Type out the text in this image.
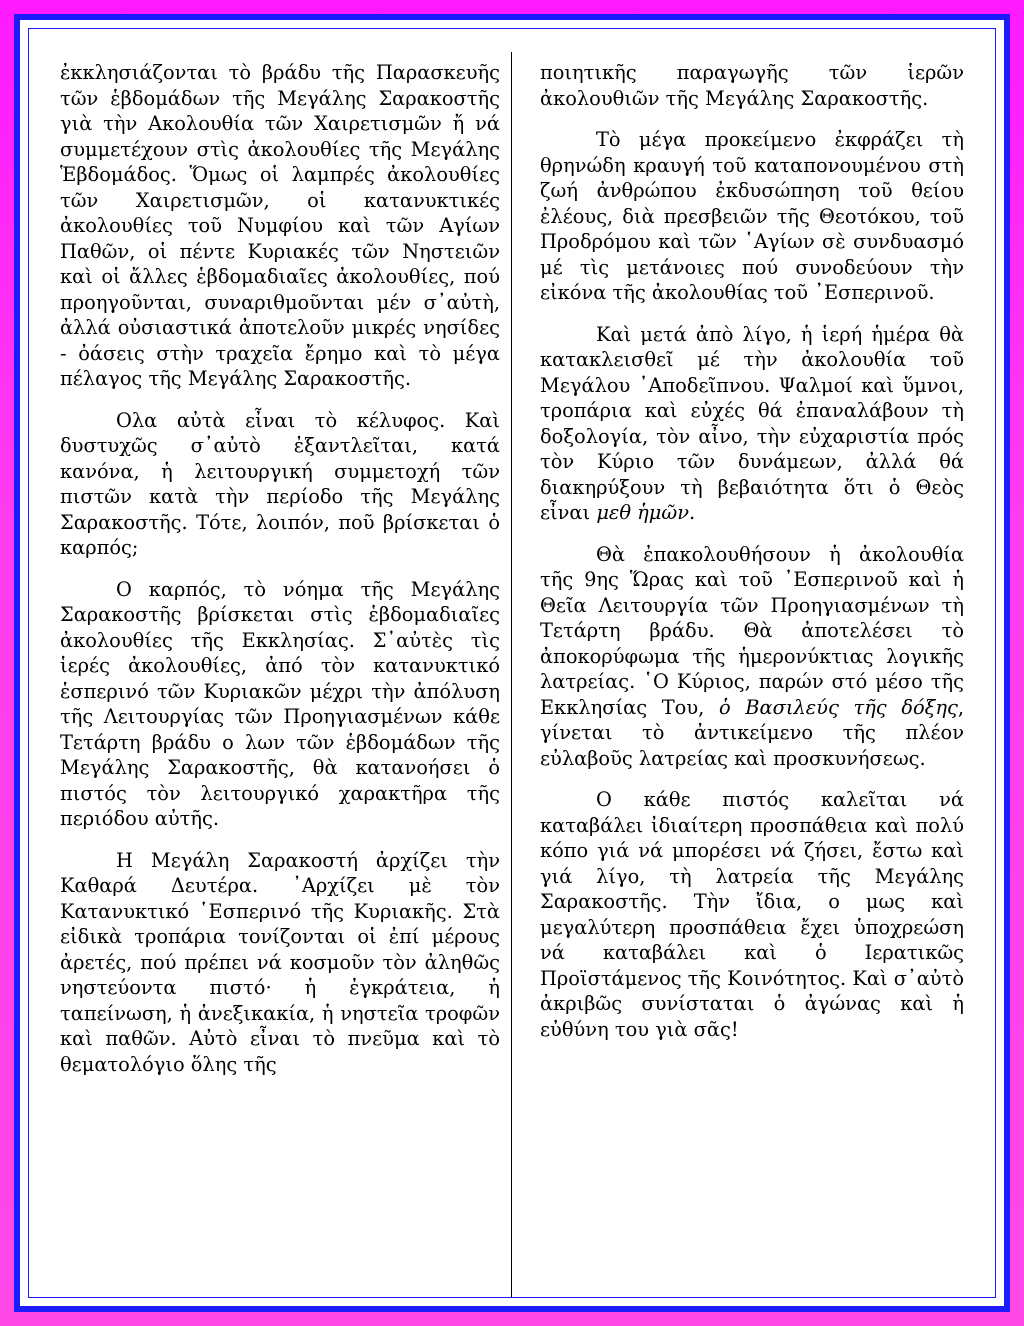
ἐκκλησιάζονται τὸ βράδυ τῆς Παρασκευῆς τῶν ἑβδομάδων τῆς Μεγάλης Σαρακοστῆς γιὰ τὴν Ακολουθία τῶν Χαιρετισμῶν ἤ νά συμμετέχουν στὶς ἀκολουθίες τῆς Μεγάλης Ἑβδομάδος. Ὅμως οἱ λαμπρές ἀκολουθίες τῶν Χαιρετισμῶν, οἱ κατανυκτικές ἀκολουθίες τοῦ Νυμφίου καὶ τῶν Αγίων Παθῶν, οἱ πέντε Κυριακές τῶν Νηστειῶν καὶ οἱ ἄλλες ἑβδομαδιαῖες ἀκολουθίες, πού προηγοῦνται, συναριθμοῦνται μέν σ᾽αὐτὴ, ἀλλά οὐσιαστικά ἀποτελοῦν μικρές νησίδες - ὀάσεις στὴν τραχεῖα ἔρημο καὶ τὸ μέγα πέλαγος τῆς Μεγάλης Σαρακοστῆς.

Ολα αὐτὰ εἶναι τὸ κέλυφος. Καὶ δυστυχῶς σ᾽αὐτὸ ἐξαντλεῖται, κατά κανόνα, ἡ λειτουργική συμμετοχή τῶν πιστῶν κατὰ τὴν περίοδο τῆς Μεγάλης Σαρακοστῆς. Τότε, λοιπόν, ποῦ βρίσκεται ὁ καρπός;

Ο καρπός, τὸ νόημα τῆς Μεγάλης Σαρακοστῆς βρίσκεται στὶς ἑβδομαδιαῖες ἀκολουθίες τῆς Εκκλησίας. Σ᾽αὐτὲς τὶς ἱερές ἀκολουθίες, ἀπό τὸν κατανυκτικό ἑσπερινό τῶν Κυριακῶν μέχρι τὴν ἀπόλυση τῆς Λειτουργίας τῶν Προηγιασμένων κάθε Τετάρτη βράδυ ο λων τῶν ἑβδομάδων τῆς Μεγάλης Σαρακοστῆς, θὰ κατανοήσει ὁ πιστός τὸν λειτουργικό χαρακτῆρα τῆς περιόδου αὐτῆς.

Η Μεγάλη Σαρακοστή ἀρχίζει τὴν Καθαρά Δευτέρα. ᾽Αρχίζει μὲ τὸν Κατανυκτικό ῾Εσπερινό τῆς Κυριακῆς. Στὰ εἰδικὰ τροπάρια τονίζονται οἱ ἐπί μέρους ἀρετές, πού πρέπει νά κοσμοῦν τὸν ἀληθῶς νηστεύοντα πιστό· ἡ ἐγκράτεια, ἡ ταπείνωση, ἡ ἀνεξικακία, ἡ νηστεῖα τροφῶν καὶ παθῶν. Αὐτὸ εἶναι τὸ πνεῦμα καὶ τὸ θεματολόγιο ὅλης τῆς

ποιητικῆς παραγωγῆς τῶν ἱερῶν ἀκολουθιῶν τῆς Μεγάλης Σαρακοστῆς.

Τὸ μέγα προκείμενο ἐκφράζει τὴ θρηνώδη κραυγή τοῦ καταπονουμένου στὴ ζωή ἀνθρώπου ἐκδυσώπηση τοῦ θείου ἐλέους, διὰ πρεσβειῶν τῆς Θεοτόκου, τοῦ Προδρόμου καὶ τῶν ῾Αγίων σὲ συνδυασμό μέ τὶς μετάνοιες πού συνοδεύουν τὴν εἰκόνα τῆς ἀκολουθίας τοῦ ᾽Εσπερινοῦ.

Καὶ μετά ἀπὸ λίγο, ἡ ἱερή ἡμέρα θὰ κατακλεισθεῖ μέ τὴν ἀκολουθία τοῦ Μεγάλου ᾽Αποδεῖπνου. Ψαλμοί καὶ ὕμνοι, τροπάρια καὶ εὐχές θά ἐπαναλάβουν τὴ δοξολογία, τὸν αἶνο, τὴν εὐχαριστία πρός τὸν Κύριο τῶν δυνάμεων, ἀλλά θά διακηρύξουν τὴ βεβαιότητα ὅτι ὁ Θεὸς εἶναι μεθ ἡμῶν.

Θὰ ἐπακολουθήσουν ἡ ἀκολουθία τῆς 9ης Ὥρας καὶ τοῦ ᾽Εσπερινοῦ καὶ ἡ Θεῖα Λειτουργία τῶν Προηγιασμένων τὴ Τετάρτη βράδυ. Θὰ ἀποτελέσει τὸ ἀποκορύφωμα τῆς ἡμερονύκτιας λογικῆς λατρείας. ῾Ο Κύριος, παρών στό μέσο τῆς Εκκλησίας Του, ὁ Βασιλεύς τῆς δόξης, γίνεται τὸ ἀντικείμενο τῆς πλέον εὐλαβοῦς λατρείας καὶ προσκυνήσεως.

Ο κάθε πιστός καλεῖται νά καταβάλει ἰδιαίτερη προσπάθεια καὶ πολύ κόπο γιά νά μπορέσει νά ζήσει, ἔστω καὶ γιά λίγο, τὴ λατρεία τῆς Μεγάλης Σαρακοστῆς. Τὴν ἴδια, ο μως καὶ μεγαλύτερη προσπάθεια ἔχει ὑποχρεώση νά καταβάλει καὶ ὁ Ιερατικῶς Προϊστάμενος τῆς Κοινότητος. Καὶ σ᾽αὐτὸ ἀκριβῶς συνίσταται ὁ ἀγώνας καὶ ἡ εὐθύνη του γιὰ σᾶς!
